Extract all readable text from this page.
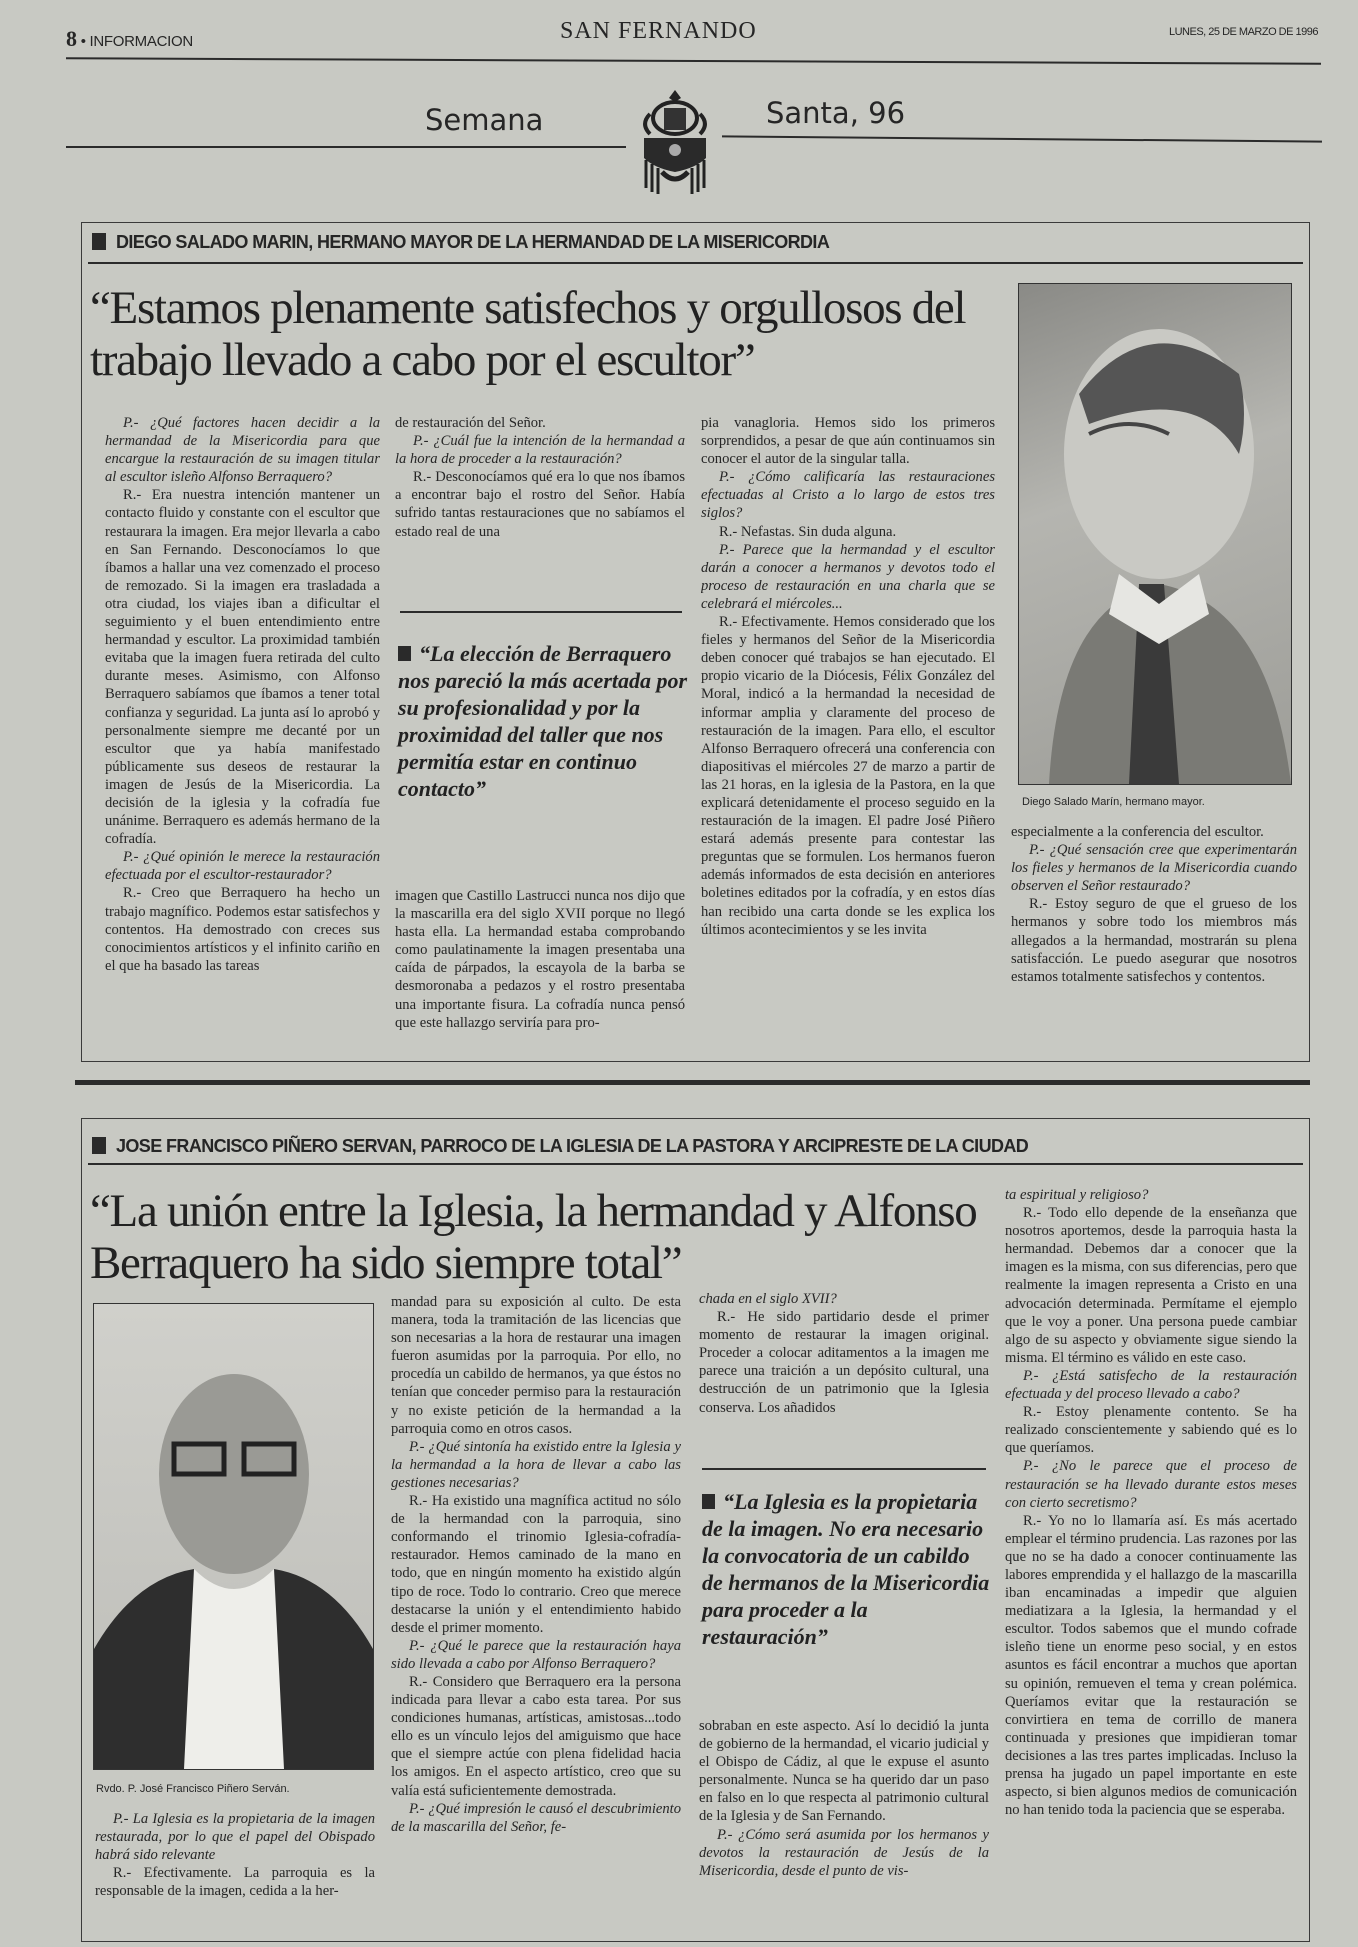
8 • INFORMACION	SAN FERNANDO	LUNES, 25 DE MARZO DE 1996
Semana	Santa, 96
DIEGO SALADO MARIN, HERMANO MAYOR DE LA HERMANDAD DE LA MISERICORDIA
“Estamos plenamente satisfechos y orgullosos del trabajo llevado a cabo por el escultor”
Diego Salado Marín, hermano mayor.

P.- ¿Qué factores hacen decidir a la hermandad de la Misericordia para que encargue la restauración de su imagen titular al escultor isleño Alfonso Berraquero?

R.- Era nuestra intención mantener un contacto fluido y constante con el escultor que restaurara la imagen. Era mejor llevarla a cabo en San Fernando. Desconocíamos lo que íbamos a hallar una vez comenzado el proceso de remozado. Si la imagen era trasladada a otra ciudad, los viajes iban a dificultar el seguimiento y el buen entendimiento entre hermandad y escultor. La proximidad también evitaba que la imagen fuera retirada del culto durante meses. Asimismo, con Alfonso Berraquero sabíamos que íbamos a tener total confianza y seguridad. La junta así lo aprobó y personalmente siempre me decanté por un escultor que ya había manifestado públicamente sus deseos de restaurar la imagen de Jesús de la Misericordia. La decisión de la iglesia y la cofradía fue unánime. Berraquero es además hermano de la cofradía.

P.- ¿Qué opinión le merece la restauración efectuada por el escultor-restaurador?

R.- Creo que Berraquero ha hecho un trabajo magnífico. Podemos estar satisfechos y contentos. Ha demostrado con creces sus conocimientos artísticos y el infinito cariño en el que ha basado las tareas

de restauración del Señor.

P.- ¿Cuál fue la intención de la hermandad a la hora de proceder a la restauración?

R.- Desconocíamos qué era lo que nos íbamos a encontrar bajo el rostro del Señor. Había sufrido tantas restauraciones que no sabíamos el estado real de una

“La elección de Berraquero nos pareció la más acertada por su profesionalidad y por la proximidad del taller que nos permitía estar en continuo contacto”

imagen que Castillo Lastrucci nunca nos dijo que la mascarilla era del siglo XVII porque no llegó hasta ella. La hermandad estaba comprobando como paulatinamente la imagen presentaba una caída de párpados, la escayola de la barba se desmoronaba a pedazos y el rostro presentaba una importante fisura. La cofradía nunca pensó que este hallazgo serviría para pro-

pia vanagloria. Hemos sido los primeros sorprendidos, a pesar de que aún continuamos sin conocer el autor de la singular talla.

P.- ¿Cómo calificaría las restauraciones efectuadas al Cristo a lo largo de estos tres siglos?

R.- Nefastas. Sin duda alguna.

P.- Parece que la hermandad y el escultor darán a conocer a hermanos y devotos todo el proceso de restauración en una charla que se celebrará el miércoles...

R.- Efectivamente. Hemos considerado que los fieles y hermanos del Señor de la Misericordia deben conocer qué trabajos se han ejecutado. El propio vicario de la Diócesis, Félix González del Moral, indicó a la hermandad la necesidad de informar amplia y claramente del proceso de restauración de la imagen. Para ello, el escultor Alfonso Berraquero ofrecerá una conferencia con diapositivas el miércoles 27 de marzo a partir de las 21 horas, en la iglesia de la Pastora, en la que explicará detenidamente el proceso seguido en la restauración de la imagen. El padre José Piñero estará además presente para contestar las preguntas que se formulen. Los hermanos fueron además informados de esta decisión en anteriores boletines editados por la cofradía, y en estos días han recibido una carta donde se les explica los últimos acontecimientos y se les invita

especialmente a la conferencia del escultor.

P.- ¿Qué sensación cree que experimentarán los fieles y hermanos de la Misericordia cuando observen el Señor restaurado?

R.- Estoy seguro de que el grueso de los hermanos y sobre todo los miembros más allegados a la hermandad, mostrarán su plena satisfacción. Le puedo asegurar que nosotros estamos totalmente satisfechos y contentos.

JOSE FRANCISCO PIÑERO SERVAN, PARROCO DE LA IGLESIA DE LA PASTORA Y ARCIPRESTE DE LA CIUDAD
“La unión entre la Iglesia, la hermandad y Alfonso Berraquero ha sido siempre total”
Rvdo. P. José Francisco Piñero Serván.

P.- La Iglesia es la propietaria de la imagen restaurada, por lo que el papel del Obispado habrá sido relevante

R.- Efectivamente. La parroquia es la responsable de la imagen, cedida a la her-

mandad para su exposición al culto. De esta manera, toda la tramitación de las licencias que son necesarias a la hora de restaurar una imagen fueron asumidas por la parroquia. Por ello, no procedía un cabildo de hermanos, ya que éstos no tenían que conceder permiso para la restauración y no existe petición de la hermandad a la parroquia como en otros casos.

P.- ¿Qué sintonía ha existido entre la Iglesia y la hermandad a la hora de llevar a cabo las gestiones necesarias?

R.- Ha existido una magnífica actitud no sólo de la hermandad con la parroquia, sino conformando el trinomio Iglesia-cofradía-restaurador. Hemos caminado de la mano en todo, que en ningún momento ha existido algún tipo de roce. Todo lo contrario. Creo que merece destacarse la unión y el entendimiento habido desde el primer momento.

P.- ¿Qué le parece que la restauración haya sido llevada a cabo por Alfonso Berraquero?

R.- Considero que Berraquero era la persona indicada para llevar a cabo esta tarea. Por sus condiciones humanas, artísticas, amistosas...todo ello es un vínculo lejos del amiguismo que hace que el siempre actúe con plena fidelidad hacia los amigos. En el aspecto artístico, creo que su valía está suficientemente demostrada.

P.- ¿Qué impresión le causó el descubrimiento de la mascarilla del Señor, fe-

chada en el siglo XVII?

R.- He sido partidario desde el primer momento de restaurar la imagen original. Proceder a colocar aditamentos a la imagen me parece una traición a un depósito cultural, una destrucción de un patrimonio que la Iglesia conserva. Los añadidos

“La Iglesia es la propietaria de la imagen. No era necesario la convocatoria de un cabildo de hermanos de la Misericordia para proceder a la restauración”

sobraban en este aspecto. Así lo decidió la junta de gobierno de la hermandad, el vicario judicial y el Obispo de Cádiz, al que le expuse el asunto personalmente. Nunca se ha querido dar un paso en falso en lo que respecta al patrimonio cultural de la Iglesia y de San Fernando.

P.- ¿Cómo será asumida por los hermanos y devotos la restauración de Jesús de la Misericordia, desde el punto de vis-

ta espiritual y religioso?

R.- Todo ello depende de la enseñanza que nosotros aportemos, desde la parroquia hasta la hermandad. Debemos dar a conocer que la imagen es la misma, con sus diferencias, pero que realmente la imagen representa a Cristo en una advocación determinada. Permítame el ejemplo que le voy a poner. Una persona puede cambiar algo de su aspecto y obviamente sigue siendo la misma. El término es válido en este caso.

P.- ¿Está satisfecho de la restauración efectuada y del proceso llevado a cabo?

R.- Estoy plenamente contento. Se ha realizado conscientemente y sabiendo qué es lo que queríamos.

P.- ¿No le parece que el proceso de restauración se ha llevado durante estos meses con cierto secretismo?

R.- Yo no lo llamaría así. Es más acertado emplear el término prudencia. Las razones por las que no se ha dado a conocer continuamente las labores emprendida y el hallazgo de la mascarilla iban encaminadas a impedir que alguien mediatizara a la Iglesia, la hermandad y el escultor. Todos sabemos que el mundo cofrade isleño tiene un enorme peso social, y en estos asuntos es fácil encontrar a muchos que aportan su opinión, remueven el tema y crean polémica. Queríamos evitar que la restauración se convirtiera en tema de corrillo de manera continuada y presiones que impidieran tomar decisiones a las tres partes implicadas. Incluso la prensa ha jugado un papel importante en este aspecto, si bien algunos medios de comunicación no han tenido toda la paciencia que se esperaba.
